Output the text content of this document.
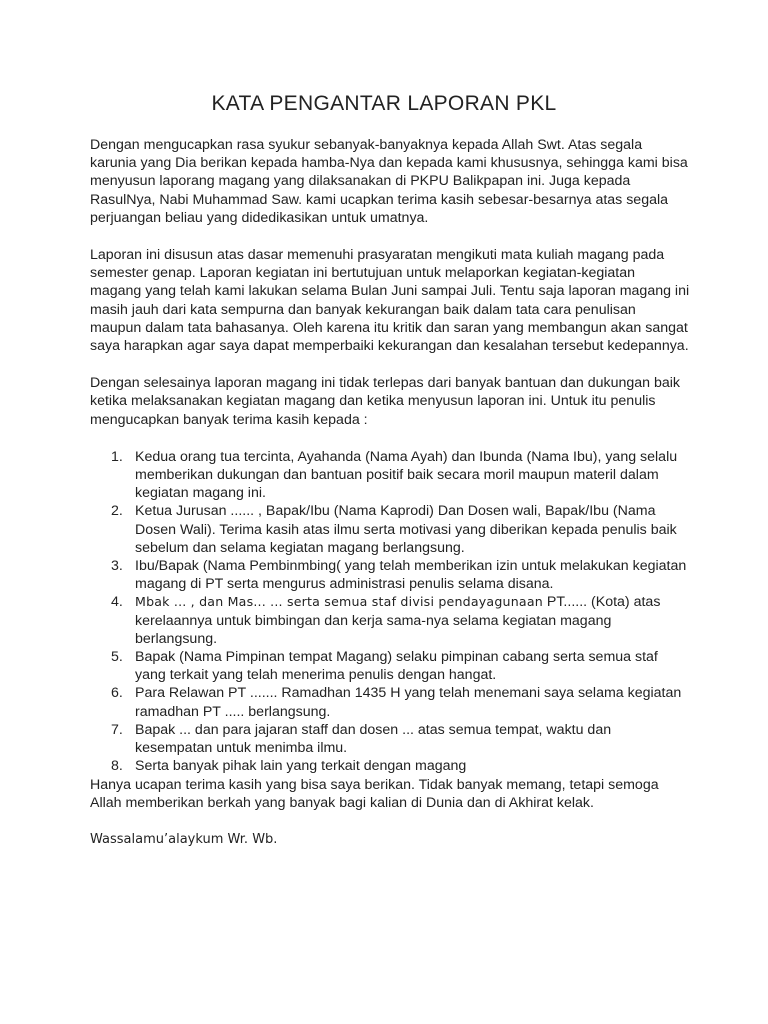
KATA PENGANTAR LAPORAN PKL

Dengan mengucapkan rasa syukur sebanyak-banyaknya kepada Allah Swt. Atas segala karunia yang Dia berikan kepada hamba-Nya dan kepada kami khususnya, sehingga kami bisa menyusun laporang magang yang dilaksanakan di PKPU Balikpapan ini. Juga kepada RasulNya, Nabi Muhammad Saw. kami ucapkan terima kasih sebesar-besarnya atas segala perjuangan beliau yang didedikasikan untuk umatnya.

Laporan ini disusun atas dasar memenuhi prasyaratan mengikuti mata kuliah magang pada semester genap. Laporan kegiatan ini bertutujuan untuk melaporkan kegiatan-kegiatan magang yang telah kami lakukan selama Bulan Juni sampai Juli. Tentu saja laporan magang ini masih jauh dari kata sempurna dan banyak kekurangan baik dalam tata cara penulisan maupun dalam tata bahasanya. Oleh karena itu kritik dan saran yang membangun akan sangat saya harapkan agar saya dapat memperbaiki kekurangan dan kesalahan tersebut kedepannya.

Dengan selesainya laporan magang ini tidak terlepas dari banyak bantuan dan dukungan baik ketika melaksanakan kegiatan magang dan ketika menyusun laporan ini. Untuk itu penulis mengucapkan banyak terima kasih kepada :

1. Kedua orang tua tercinta, Ayahanda (Nama Ayah) dan Ibunda (Nama Ibu), yang selalu memberikan dukungan dan bantuan positif baik secara moril maupun materil dalam kegiatan magang ini.
2. Ketua Jurusan ...... , Bapak/Ibu (Nama Kaprodi) Dan Dosen wali, Bapak/Ibu (Nama Dosen Wali). Terima kasih atas ilmu serta motivasi yang diberikan kepada penulis baik sebelum dan selama kegiatan magang berlangsung.
3. Ibu/Bapak (Nama Pembinmbing( yang telah memberikan izin untuk melakukan kegiatan magang di PT serta mengurus administrasi penulis selama disana.
4. Mbak ... , dan Mas... ... serta semua staf divisi pendayagunaan PT...... (Kota) atas kerelaannya untuk bimbingan dan kerja sama-nya selama kegiatan magang berlangsung.
5. Bapak (Nama Pimpinan tempat Magang) selaku pimpinan cabang serta semua staf yang terkait yang telah menerima penulis dengan hangat.
6. Para Relawan PT ....... Ramadhan 1435 H yang telah menemani saya selama kegiatan ramadhan PT ..... berlangsung.
7. Bapak ... dan para jajaran staff dan dosen ... atas semua tempat, waktu dan kesempatan untuk menimba ilmu.
8. Serta banyak pihak lain yang terkait dengan magang

Hanya ucapan terima kasih yang bisa saya berikan. Tidak banyak memang, tetapi semoga Allah memberikan berkah yang banyak bagi kalian di Dunia dan di Akhirat kelak.

Wassalamu’alaykum Wr. Wb.
